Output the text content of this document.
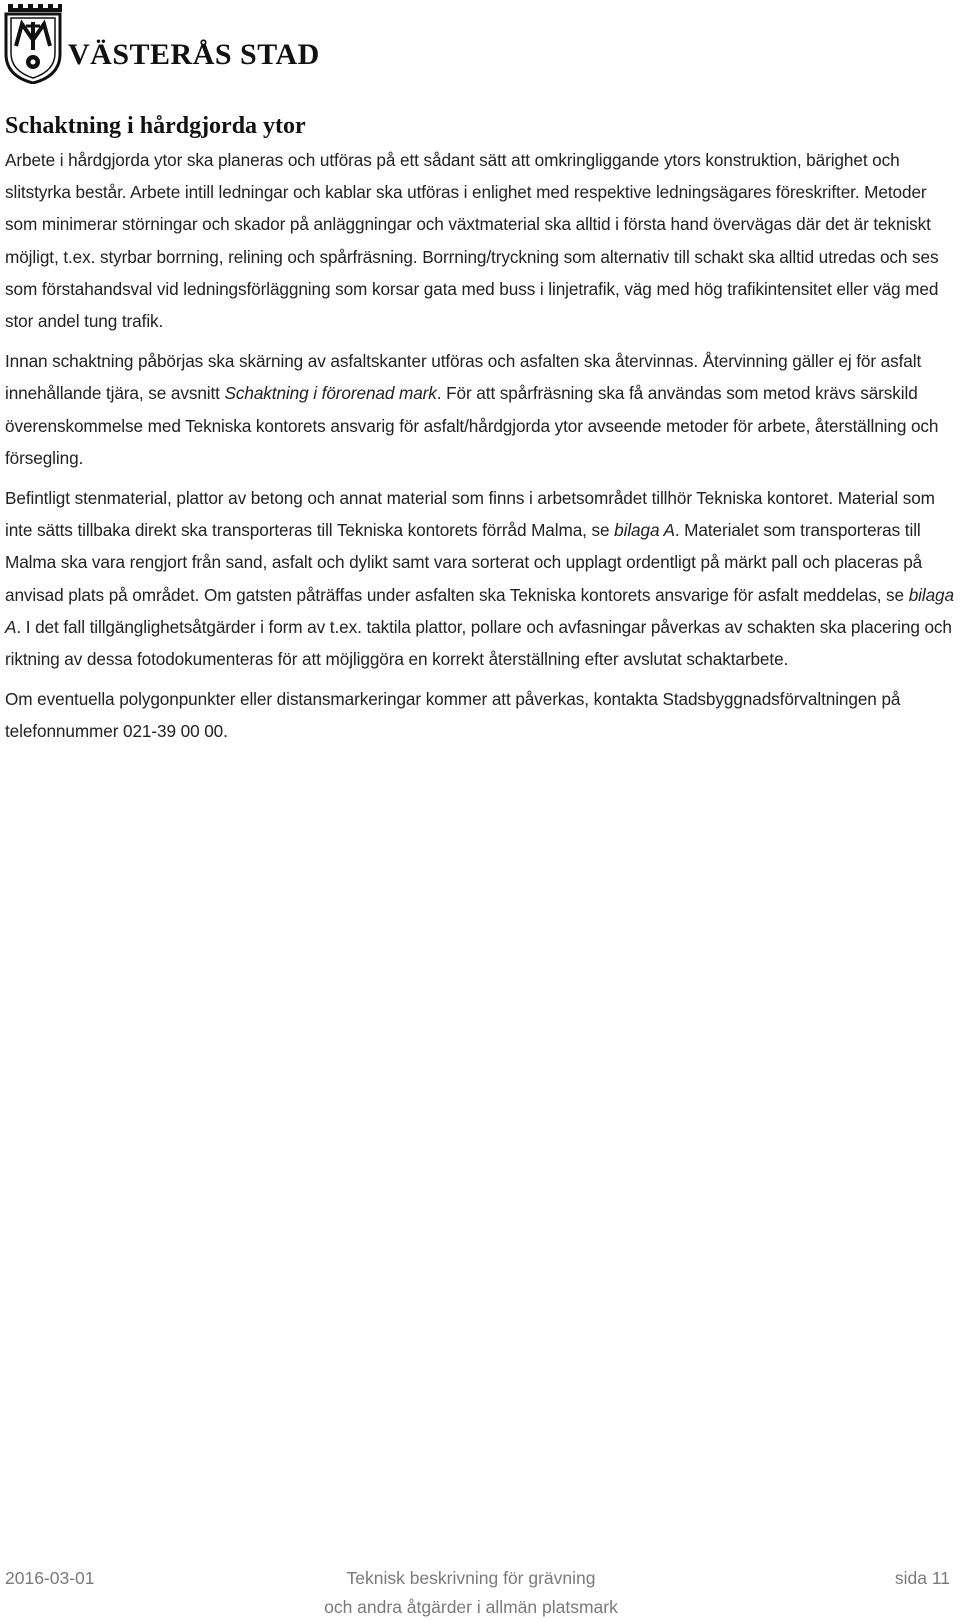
VÄSTERÅS STAD
Schaktning i hårdgjorda ytor

Arbete i hårdgjorda ytor ska planeras och utföras på ett sådant sätt att omkringliggande ytors konstruktion, bärighet och slitstyrka består. Arbete intill ledningar och kablar ska utföras i enlighet med respektive ledningsägares föreskrifter. Metoder som minimerar störningar och skador på anläggningar och växtmaterial ska alltid i första hand övervägas där det är tekniskt möjligt, t.ex. styrbar borrning, relining och spårfräsning. Borrning/tryckning som alternativ till schakt ska alltid utredas och ses som förstahandsval vid ledningsförläggning som korsar gata med buss i linjetrafik, väg med hög trafikintensitet eller väg med stor andel tung trafik.

Innan schaktning påbörjas ska skärning av asfaltskanter utföras och asfalten ska återvinnas. Återvinning gäller ej för asfalt innehållande tjära, se avsnitt Schaktning i förorenad mark. För att spårfräsning ska få användas som metod krävs särskild överenskommelse med Tekniska kontorets ansvarig för asfalt/hårdgjorda ytor avseende metoder för arbete, återställning och försegling.

Befintligt stenmaterial, plattor av betong och annat material som finns i arbetsområdet tillhör Tekniska kontoret. Material som inte sätts tillbaka direkt ska transporteras till Tekniska kontorets förråd Malma, se bilaga A. Materialet som transporteras till Malma ska vara rengjort från sand, asfalt och dylikt samt vara sorterat och upplagt ordentligt på märkt pall och placeras på anvisad plats på området. Om gatsten påträffas under asfalten ska Tekniska kontorets ansvarige för asfalt meddelas, se bilaga A. I det fall tillgänglighetsåtgärder i form av t.ex. taktila plattor, pollare och avfasningar påverkas av schakten ska placering och riktning av dessa fotodokumenteras för att möjliggöra en korrekt återställning efter avslutat schaktarbete.

Om eventuella polygonpunkter eller distansmarkeringar kommer att påverkas, kontakta Stadsbyggnadsförvaltningen på telefonnummer 021-39 00 00.

2016-03-01	Teknisk beskrivning för grävning
och andra åtgärder i allmän platsmark
sida 11
